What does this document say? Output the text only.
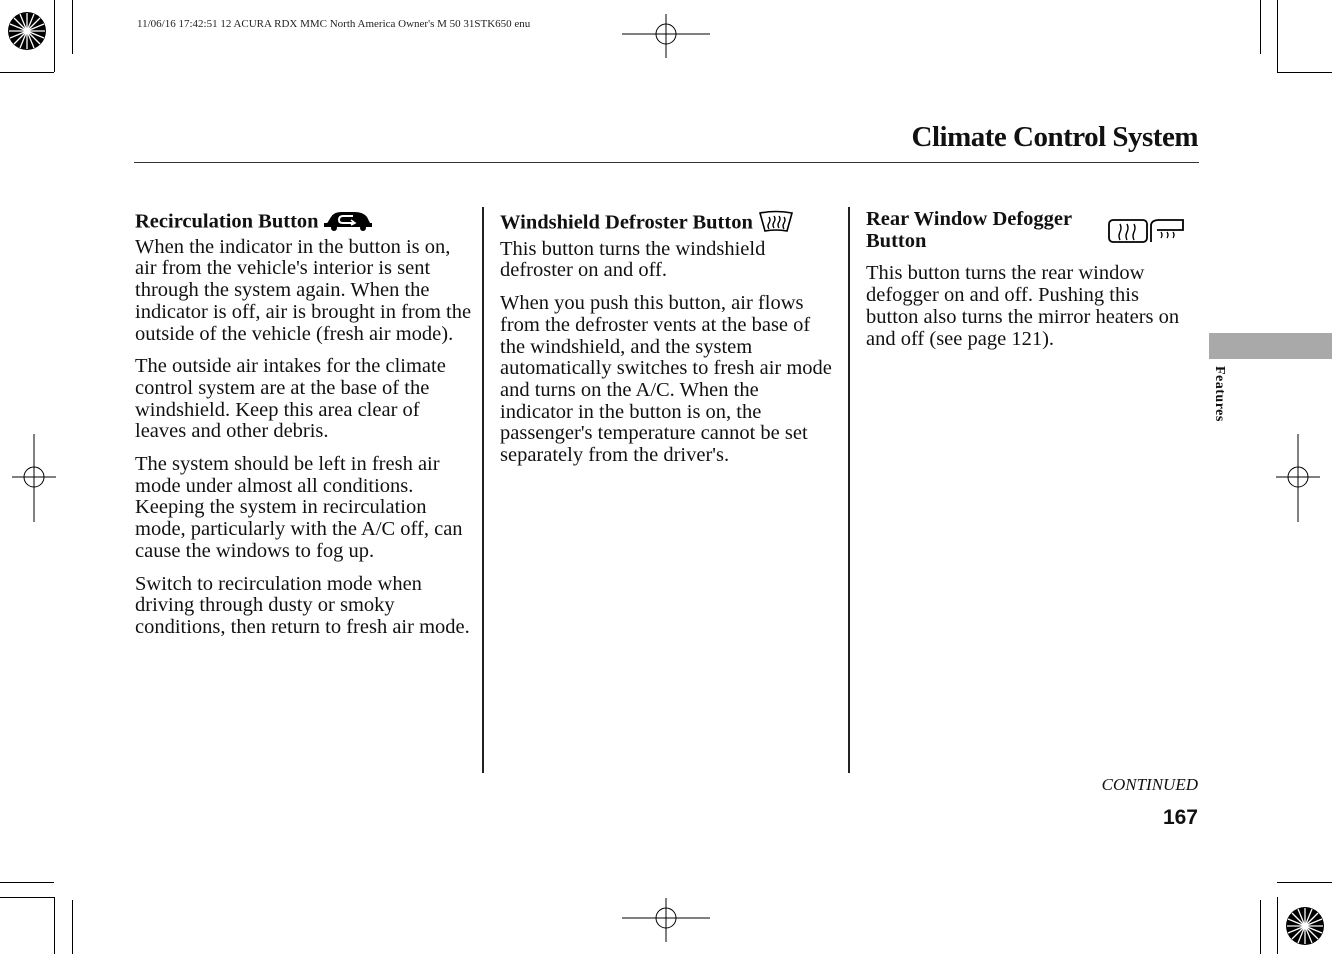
11/06/16 17:42:51 12 ACURA RDX MMC North America Owner's M 50 31STK650 enu
Climate Control System
Recirculation Button

When the indicator in the button is on, air from the vehicle's interior is sent through the system again. When the indicator is off, air is brought in from the outside of the vehicle (fresh air mode).

The outside air intakes for the climate control system are at the base of the windshield. Keep this area clear of leaves and other debris.

The system should be left in fresh air mode under almost all conditions. Keeping the system in recirculation mode, particularly with the A/C off, can cause the windows to fog up.

Switch to recirculation mode when driving through dusty or smoky conditions, then return to fresh air mode.

Windshield Defroster Button

This button turns the windshield defroster on and off.

When you push this button, air flows from the defroster vents at the base of the windshield, and the system automatically switches to fresh air mode and turns on the A/C. When the indicator in the button is on, the passenger's temperature cannot be set separately from the driver's.

Rear Window Defogger Button

This button turns the rear window defogger on and off. Pushing this button also turns the mirror heaters on and off (see page 121).

Features
CONTINUED
167
